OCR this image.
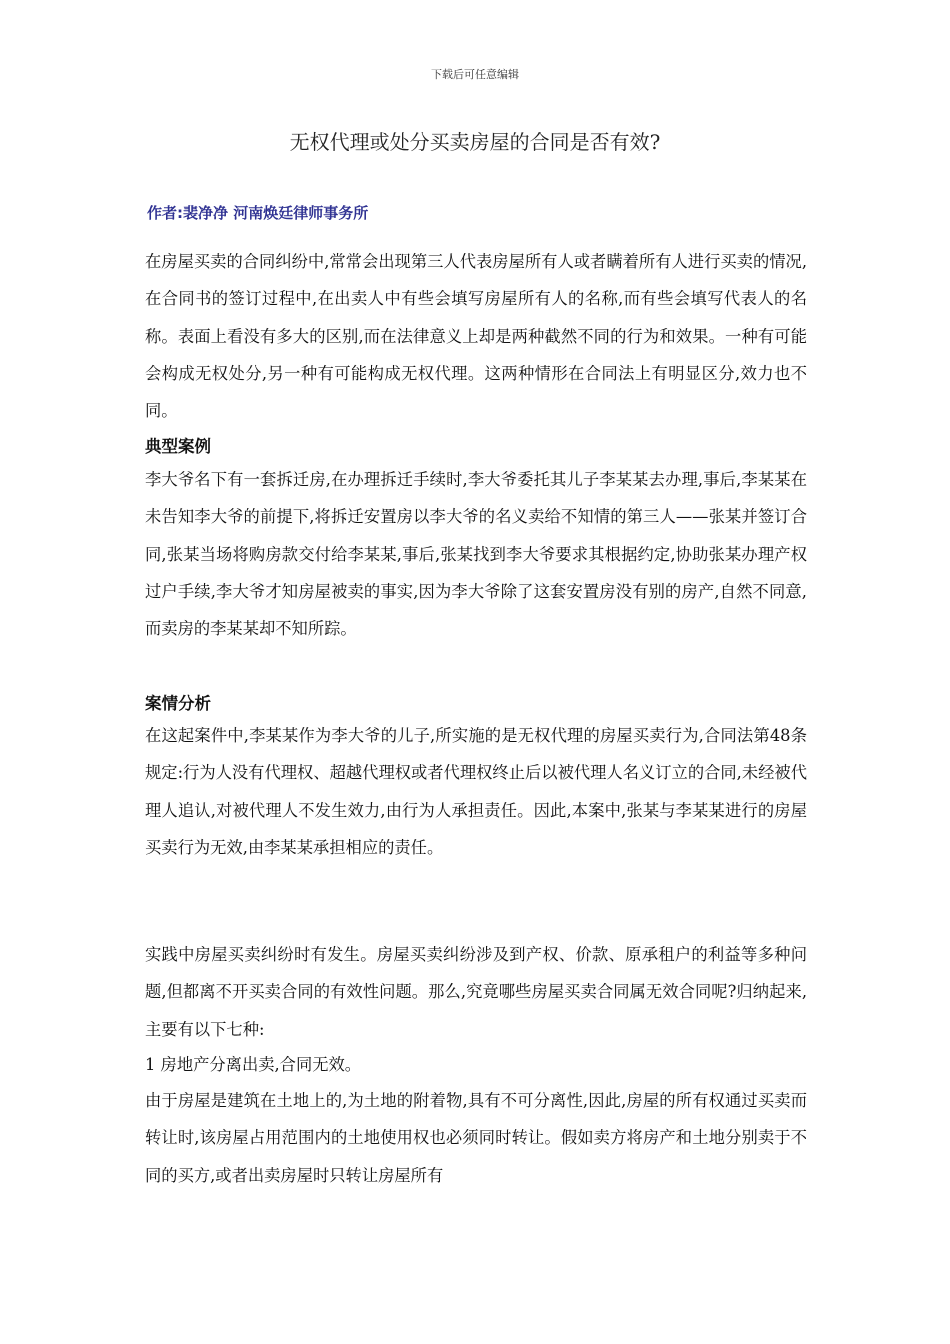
下载后可任意编辑
无权代理或处分买卖房屋的合同是否有效?
作者:裴净净 河南焕廷律师事务所

在房屋买卖的合同纠纷中,常常会出现第三人代表房屋所有人或者瞒着所有人进行买卖的情况,在合同书的签订过程中,在出卖人中有些会填写房屋所有人的名称,而有些会填写代表人的名称。表面上看没有多大的区别,而在法律意义上却是两种截然不同的行为和效果。一种有可能会构成无权处分,另一种有可能构成无权代理。这两种情形在合同法上有明显区分,效力也不同。

典型案例

李大爷名下有一套拆迁房,在办理拆迁手续时,李大爷委托其儿子李某某去办理,事后,李某某在未告知李大爷的前提下,将拆迁安置房以李大爷的名义卖给不知情的第三人——张某并签订合同,张某当场将购房款交付给李某某,事后,张某找到李大爷要求其根据约定,协助张某办理产权过户手续,李大爷才知房屋被卖的事实,因为李大爷除了这套安置房没有别的房产,自然不同意,而卖房的李某某却不知所踪。

案情分析

在这起案件中,李某某作为李大爷的儿子,所实施的是无权代理的房屋买卖行为,合同法第48条规定:行为人没有代理权、超越代理权或者代理权终止后以被代理人名义订立的合同,未经被代理人追认,对被代理人不发生效力,由行为人承担责任。因此,本案中,张某与李某某进行的房屋买卖行为无效,由李某某承担相应的责任。

实践中房屋买卖纠纷时有发生。房屋买卖纠纷涉及到产权、价款、原承租户的利益等多种问题,但都离不开买卖合同的有效性问题。那么,究竟哪些房屋买卖合同属无效合同呢?归纳起来,主要有以下七种:

1 房地产分离出卖,合同无效。

由于房屋是建筑在土地上的,为土地的附着物,具有不可分离性,因此,房屋的所有权通过买卖而转让时,该房屋占用范围内的土地使用权也必须同时转让。假如卖方将房产和土地分别卖于不同的买方,或者出卖房屋时只转让房屋所有
